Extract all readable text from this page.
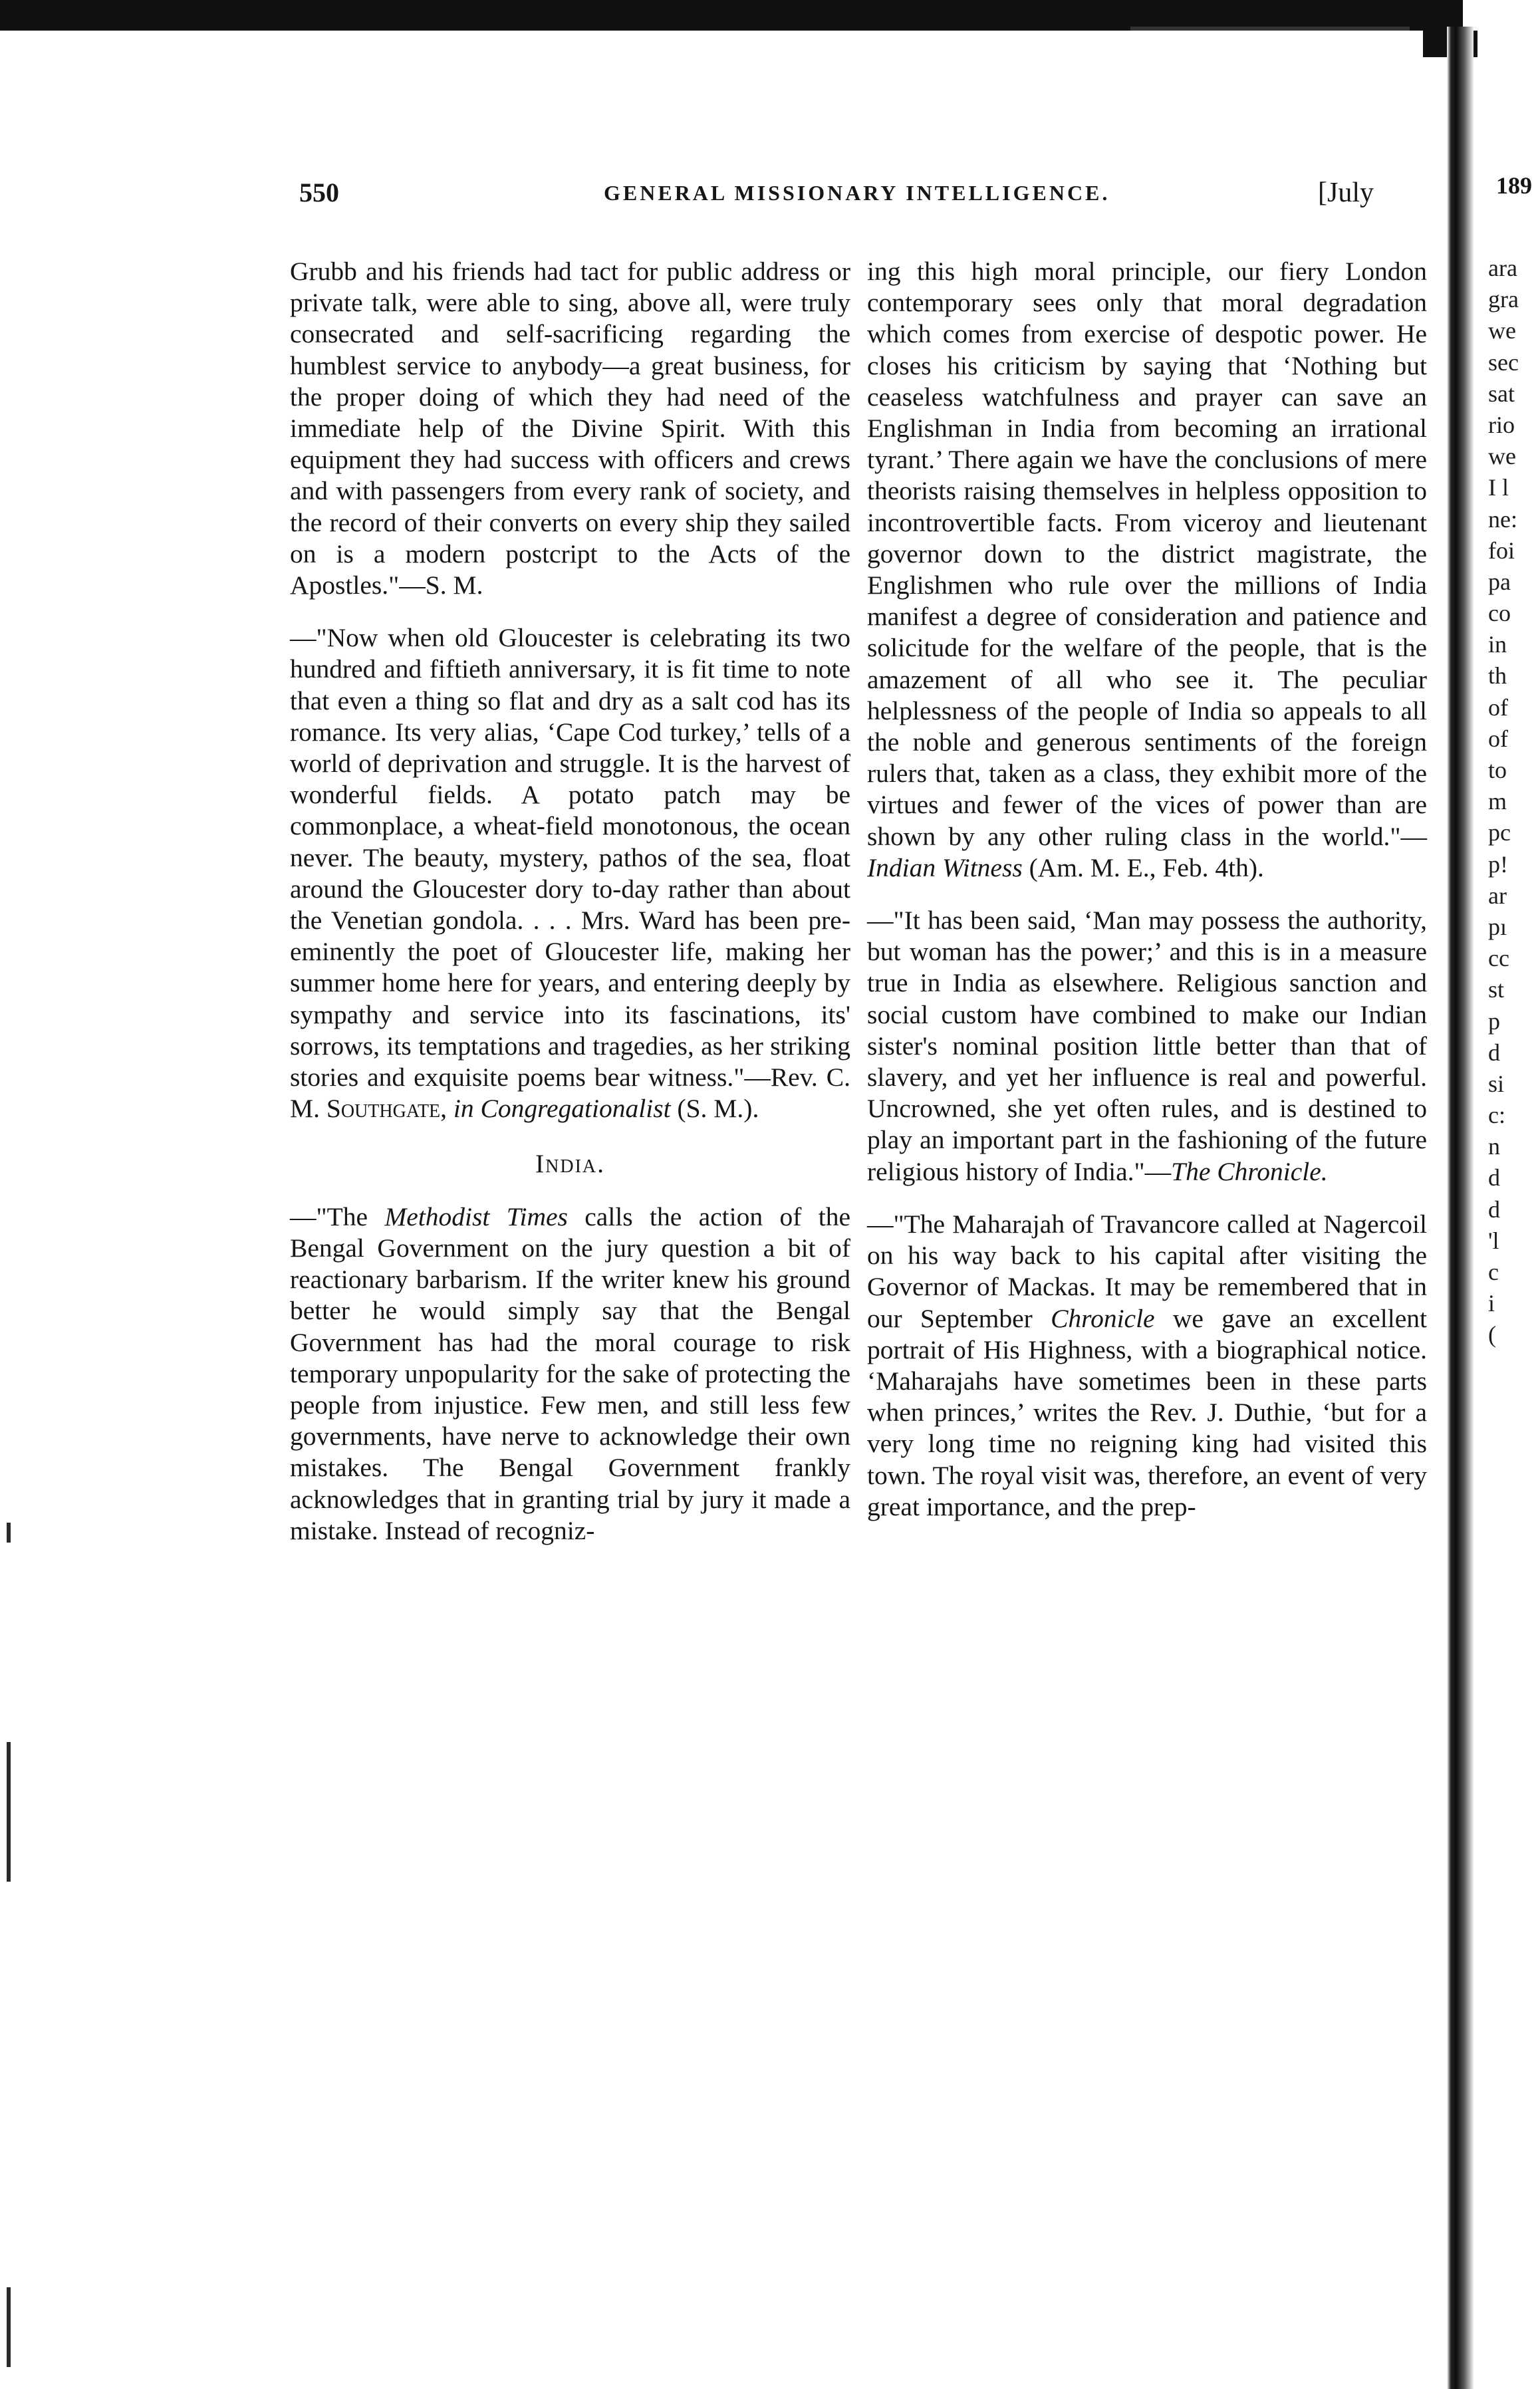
550	GENERAL MISSIONARY INTELLIGENCE.	[July

Grubb and his friends had tact for public address or private talk, were able to sing, above all, were truly consecrated and self-sacrificing regarding the humblest service to anybody—a great business, for the proper doing of which they had need of the immediate help of the Divine Spirit. With this equipment they had success with officers and crews and with passengers from every rank of society, and the record of their converts on every ship they sailed on is a modern postcript to the Acts of the Apostles."—S. M.

—"Now when old Gloucester is celebrating its two hundred and fiftieth anniversary, it is fit time to note that even a thing so flat and dry as a salt cod has its romance. Its very alias, ‘Cape Cod turkey,’ tells of a world of deprivation and struggle. It is the harvest of wonderful fields. A potato patch may be commonplace, a wheat-field monotonous, the ocean never. The beauty, mystery, pathos of the sea, float around the Gloucester dory to-day rather than about the Venetian gondola. . . . Mrs. Ward has been pre-eminently the poet of Gloucester life, making her summer home here for years, and entering deeply by sympathy and service into its fascinations, its' sorrows, its temptations and tragedies, as her striking stories and exquisite poems bear witness."—Rev. C. M. Southgate, in Congregationalist (S. M.).

India.

—"The Methodist Times calls the action of the Bengal Government on the jury question a bit of reactionary barbarism. If the writer knew his ground better he would simply say that the Bengal Government has had the moral courage to risk temporary unpopularity for the sake of protecting the people from injustice. Few men, and still less few governments, have nerve to acknowledge their own mistakes. The Bengal Government frankly acknowledges that in granting trial by jury it made a mistake. Instead of recogniz-

ing this high moral principle, our fiery London contemporary sees only that moral degradation which comes from exercise of despotic power. He closes his criticism by saying that ‘Nothing but ceaseless watchfulness and prayer can save an Englishman in India from becoming an irrational tyrant.’ There again we have the conclusions of mere theorists raising themselves in helpless opposition to incontrovertible facts. From viceroy and lieutenant governor down to the district magistrate, the Englishmen who rule over the millions of India manifest a degree of consideration and patience and solicitude for the welfare of the people, that is the amazement of all who see it. The peculiar helplessness of the people of India so appeals to all the noble and generous sentiments of the foreign rulers that, taken as a class, they exhibit more of the virtues and fewer of the vices of power than are shown by any other ruling class in the world."—Indian Witness (Am. M. E., Feb. 4th).

—"It has been said, ‘Man may possess the authority, but woman has the power;’ and this is in a measure true in India as elsewhere. Religious sanction and social custom have combined to make our Indian sister's nominal position little better than that of slavery, and yet her influence is real and powerful. Uncrowned, she yet often rules, and is destined to play an important part in the fashioning of the future religious history of India."—The Chronicle.

—"The Maharajah of Travancore called at Nagercoil on his way back to his capital after visiting the Governor of Mackas. It may be remembered that in our September Chronicle we gave an excellent portrait of His Highness, with a biographical notice. ‘Maharajahs have sometimes been in these parts when princes,’ writes the Rev. J. Duthie, ‘but for a very long time no reigning king had visited this town. The royal visit was, therefore, an event of very great importance, and the prep-

189
ara
gra
we
sec
sat
rio
we
I l
ne:
foi
pa
co
in
th
of
of
to
m
pc
p!
ar
pı
cc
st
p
d
si
c:
n
d
d
'l
c
i
(
